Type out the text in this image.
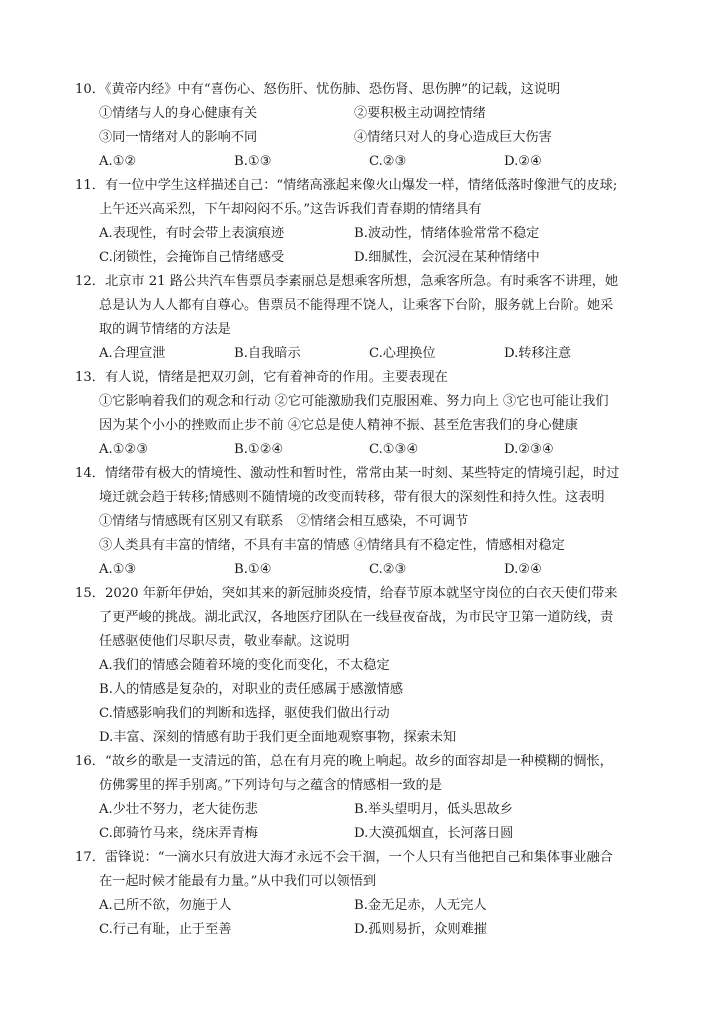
10．《黄帝内经》中有“喜伤心、怒伤肝、忧伤肺、恐伤肾、思伤脾”的记载，这说明
①情绪与人的身心健康有关	②要积极主动调控情绪
③同一情绪对人的影响不同	④情绪只对人的身心造成巨大伤害
A.①②	B.①③	C.②③	D.②④
11．有一位中学生这样描述自己：“情绪高涨起来像火山爆发一样，情绪低落时像泄气的皮球;
上午还兴高采烈，下午却闷闷不乐。”这告诉我们青春期的情绪具有
A.表现性，有时会带上表演痕迹	B.波动性，情绪体验常常不稳定
C.闭锁性，会掩饰自己情绪感受	D.细腻性，会沉浸在某种情绪中
12．北京市 21 路公共汽车售票员李素丽总是想乘客所想，急乘客所急。有时乘客不讲理，她
总是认为人人都有自尊心。售票员不能得理不饶人，让乘客下台阶，服务就上台阶。她采
取的调节情绪的方法是
A.合理宣泄	B.自我暗示	C.心理换位	D.转移注意
13．有人说，情绪是把双刃剑，它有着神奇的作用。主要表现在
①它影响着我们的观念和行动 ②它可能激励我们克服困难、努力向上 ③它也可能让我们
因为某个小小的挫败而止步不前 ④它总是使人精神不振、甚至危害我们的身心健康
A.①②③	B.①②④	C.①③④	D.②③④
14．情绪带有极大的情境性、激动性和暂时性，常常由某一时刻、某些特定的情境引起，时过
境迁就会趋于转移;情感则不随情境的改变而转移，带有很大的深刻性和持久性。这表明
①情绪与情感既有区别又有联系　②情绪会相互感染，不可调节
③人类具有丰富的情绪，不具有丰富的情感 ④情绪具有不稳定性，情感相对稳定
A.①③	B.①④	C.②③	D.②④
15．2020 年新年伊始，突如其来的新冠肺炎疫情，给春节原本就坚守岗位的白衣天使们带来
了更严峻的挑战。湖北武汉，各地医疗团队在一线昼夜奋战，为市民守卫第一道防线，责
任感驱使他们尽职尽责，敬业奉献。这说明
A.我们的情感会随着环境的变化而变化，不太稳定
B.人的情感是复杂的，对职业的责任感属于感激情感
C.情感影响我们的判断和选择，驱使我们做出行动
D.丰富、深刻的情感有助于我们更全面地观察事物，探索未知
16．“故乡的歌是一支清远的笛，总在有月亮的晚上响起。故乡的面容却是一种模糊的惆怅，
仿佛雾里的挥手别离。”下列诗句与之蕴含的情感相一致的是
A.少壮不努力，老大徒伤悲	B.举头望明月，低头思故乡
C.郎骑竹马来，绕床弄青梅	D.大漠孤烟直，长河落日圆
17．雷锋说：“一滴水只有放进大海才永远不会干涸，一个人只有当他把自己和集体事业融合
在一起时候才能最有力量。”从中我们可以领悟到
A.己所不欲，勿施于人	B.金无足赤，人无完人
C.行己有耻，止于至善	D.孤则易折，众则难摧
